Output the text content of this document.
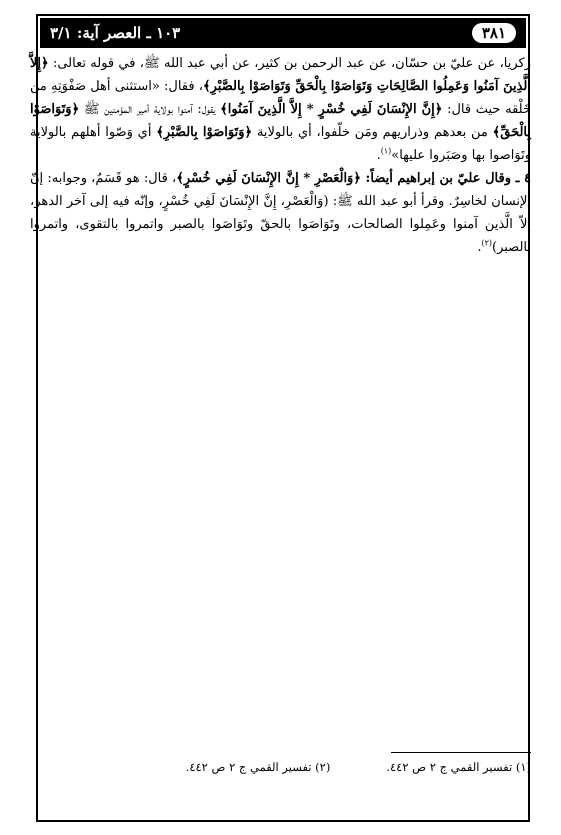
١٠٣ ـ العصر آية: ٣/١	٣٨١

زكريا، عن عليّ بن حسّان، عن عبد الرحمن بن كثير، عن أبي عبد الله ﷺ، في قوله تعالى: ﴿إِلاَّ الَّذِينَ آمَنُوا وَعَمِلُوا الصَّالِحَاتِ وَتَوَاصَوْا بِالْحَقِّ وَتَوَاصَوْا بِالصَّبْرِ﴾، فقال: «استثنى أهل صَفْوَتِهِ من خَلْقه حيث قال: ﴿إِنَّ الإِنْسَانَ لَفِي خُسْرٍ * إِلاَّ الَّذِينَ آمَنُوا﴾ يقول: آمنوا بولاية أمير المؤمنين ﷺ ﴿وَتَوَاصَوْا بِالْحَقِّ﴾ من بعدهم وذراريهم ومَن خلّفوا، أي بالولاية ﴿وَتَوَاصَوْا بِالصَّبْرِ﴾ أي وَصّوا أهلهم بالولاية وتَوَاصوا بها وصَبَروا عليها»$^{(١)}$.

٤ ـ وقال عليّ بن إبراهيم أيضاً: ﴿وَالْعَصْرِ * إِنَّ الإِنْسَانَ لَفِي خُسْرٍ﴾، قال: هو قَسَمٌ، وجوابه: إنّ الإنسان لخاسِرٌ. وقرأ أبو عبد الله ﷺ: (وَالْعَصْرِ، إِنَّ الإِنْسَانَ لَفِي خُسْرٍ، وإنّه فيه إلى آخر الدهر، إلاّ الَّذين آمنوا وعَمِلوا الصالحات، وتَوَاصَوا بالحقّ وتَوَاصَوا بالصبر واتمروا بالتقوى، واتمروا بالصبر)$^{(٢)}$.

(١) تفسير القمي ج ٢ ص ٤٤٢.
(٢) تفسير القمي ج ٢ ص ٤٤٢.
